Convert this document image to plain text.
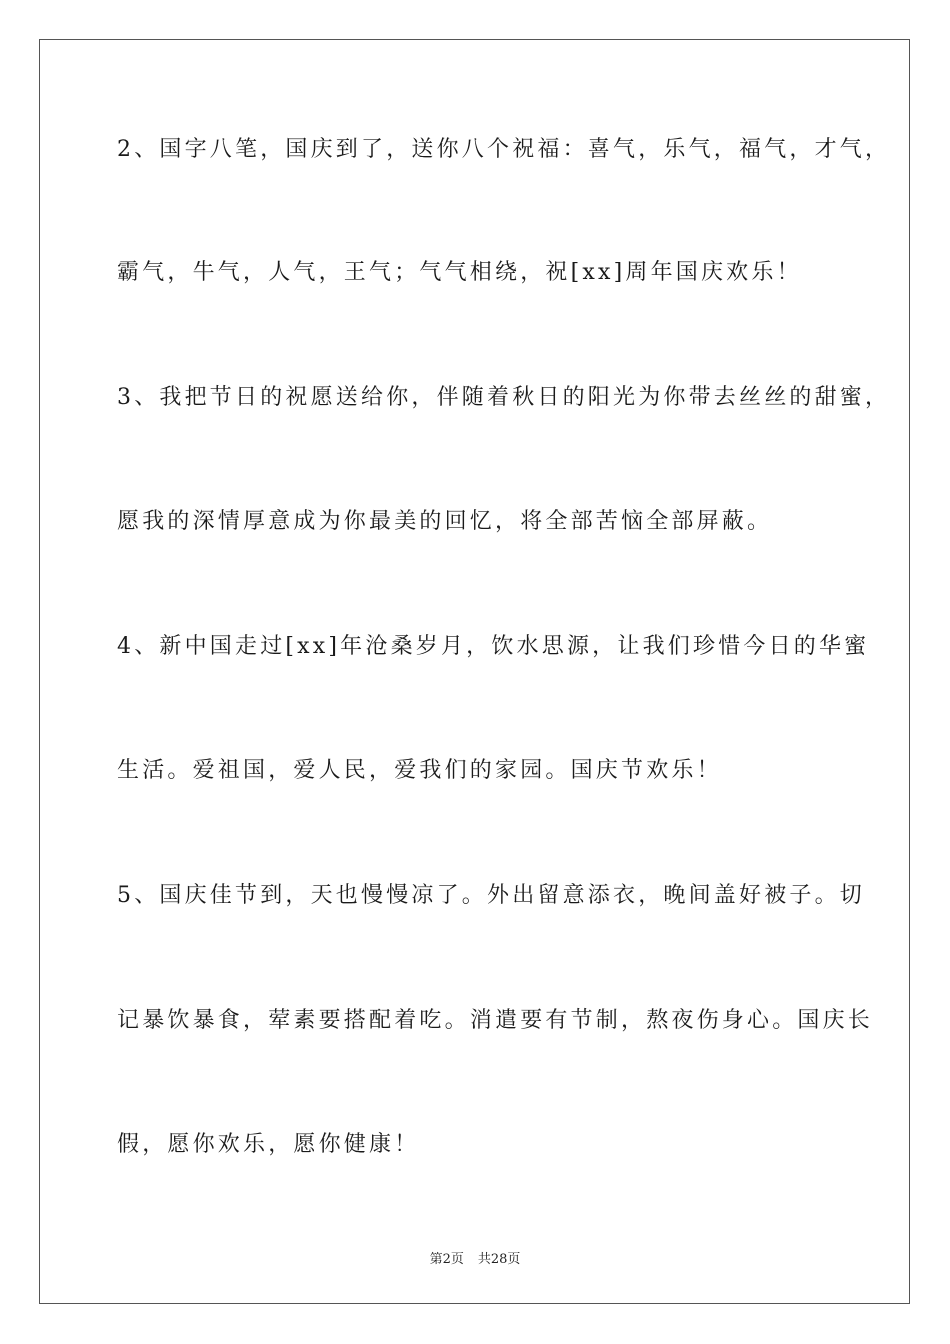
2、国字八笔，国庆到了，送你八个祝福：喜气，乐气，福气，才气，
霸气，牛气，人气，王气；气气相绕，祝[xx]周年国庆欢乐！
3、我把节日的祝愿送给你，伴随着秋日的阳光为你带去丝丝的甜蜜，
愿我的深情厚意成为你最美的回忆，将全部苦恼全部屏蔽。
4、新中国走过[xx]年沧桑岁月，饮水思源，让我们珍惜今日的华蜜
生活。爱祖国，爱人民，爱我们的家园。国庆节欢乐！
5、国庆佳节到，天也慢慢凉了。外出留意添衣，晚间盖好被子。切
记暴饮暴食，荤素要搭配着吃。消遣要有节制，熬夜伤身心。国庆长
假，愿你欢乐，愿你健康！
第2页 共28页
